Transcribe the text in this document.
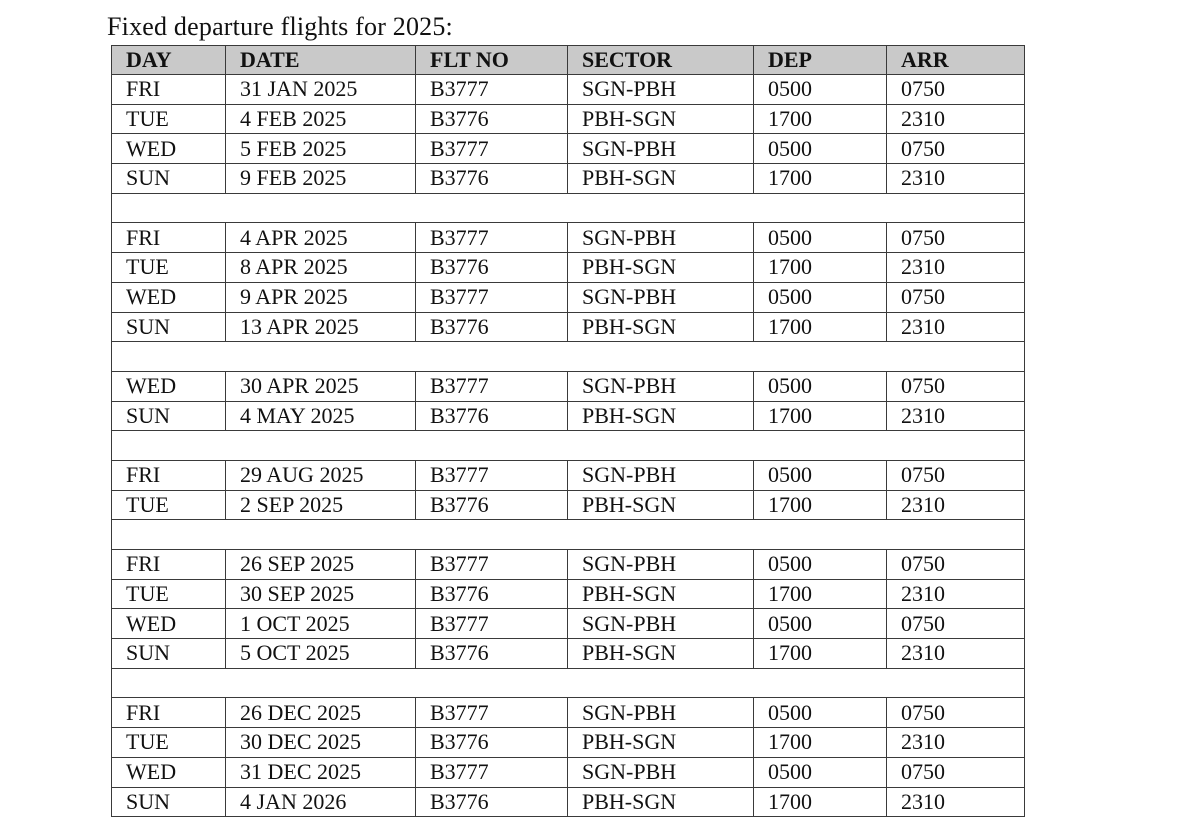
Fixed departure flights for 2025:
DAY	DATE	FLT NO	SECTOR	DEP	ARR
FRI	31 JAN 2025	B3777	SGN-PBH	0500	0750
TUE	4 FEB 2025	B3776	PBH-SGN	1700	2310
WED	5 FEB 2025	B3777	SGN-PBH	0500	0750
SUN	9 FEB 2025	B3776	PBH-SGN	1700	2310

FRI	4 APR 2025	B3777	SGN-PBH	0500	0750
TUE	8 APR 2025	B3776	PBH-SGN	1700	2310
WED	9 APR 2025	B3777	SGN-PBH	0500	0750
SUN	13 APR 2025	B3776	PBH-SGN	1700	2310

WED	30 APR 2025	B3777	SGN-PBH	0500	0750
SUN	4 MAY 2025	B3776	PBH-SGN	1700	2310

FRI	29 AUG 2025	B3777	SGN-PBH	0500	0750
TUE	2 SEP 2025	B3776	PBH-SGN	1700	2310

FRI	26 SEP 2025	B3777	SGN-PBH	0500	0750
TUE	30 SEP 2025	B3776	PBH-SGN	1700	2310
WED	1 OCT 2025	B3777	SGN-PBH	0500	0750
SUN	5 OCT 2025	B3776	PBH-SGN	1700	2310

FRI	26 DEC 2025	B3777	SGN-PBH	0500	0750
TUE	30 DEC 2025	B3776	PBH-SGN	1700	2310
WED	31 DEC 2025	B3777	SGN-PBH	0500	0750
SUN	4 JAN 2026	B3776	PBH-SGN	1700	2310
